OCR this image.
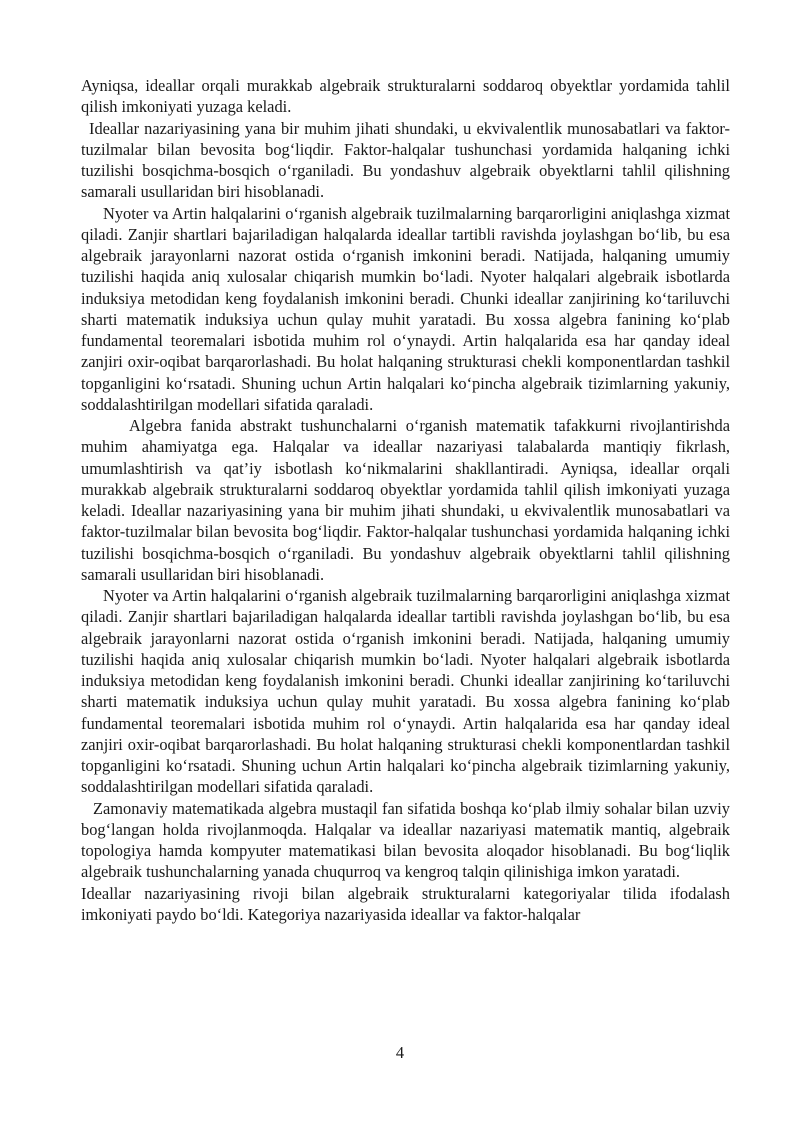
Ayniqsa, ideallar orqali murakkab algebraik strukturalarni soddaroq obyektlar yordamida tahlil qilish imkoniyati yuzaga keladi.

Ideallar nazariyasining yana bir muhim jihati shundaki, u ekvivalentlik munosabatlari va faktor-tuzilmalar bilan bevosita bog‘liqdir. Faktor-halqalar tushunchasi yordamida halqaning ichki tuzilishi bosqichma-bosqich o‘rganiladi. Bu yondashuv algebraik obyektlarni tahlil qilishning samarali usullaridan biri hisoblanadi.

Nyoter va Artin halqalarini o‘rganish algebraik tuzilmalarning barqarorligini aniqlashga xizmat qiladi. Zanjir shartlari bajariladigan halqalarda ideallar tartibli ravishda joylashgan bo‘lib, bu esa algebraik jarayonlarni nazorat ostida o‘rganish imkonini beradi. Natijada, halqaning umumiy tuzilishi haqida aniq xulosalar chiqarish mumkin bo‘ladi. Nyoter halqalari algebraik isbotlarda induksiya metodidan keng foydalanish imkonini beradi. Chunki ideallar zanjirining ko‘tariluvchi sharti matematik induksiya uchun qulay muhit yaratadi. Bu xossa algebra fanining ko‘plab fundamental teoremalari isbotida muhim rol o‘ynaydi. Artin halqalarida esa har qanday ideal zanjiri oxir-oqibat barqarorlashadi. Bu holat halqaning strukturasi chekli komponentlardan tashkil topganligini ko‘rsatadi. Shuning uchun Artin halqalari ko‘pincha algebraik tizimlarning yakuniy, soddalashtirilgan modellari sifatida qaraladi.

Algebra fanida abstrakt tushunchalarni o‘rganish matematik tafakkurni rivojlantirishda muhim ahamiyatga ega. Halqalar va ideallar nazariyasi talabalarda mantiqiy fikrlash, umumlashtirish va qat’iy isbotlash ko‘nikmalarini shakllantiradi. Ayniqsa, ideallar orqali murakkab algebraik strukturalarni soddaroq obyektlar yordamida tahlil qilish imkoniyati yuzaga keladi. Ideallar nazariyasining yana bir muhim jihati shundaki, u ekvivalentlik munosabatlari va faktor-tuzilmalar bilan bevosita bog‘liqdir. Faktor-halqalar tushunchasi yordamida halqaning ichki tuzilishi bosqichma-bosqich o‘rganiladi. Bu yondashuv algebraik obyektlarni tahlil qilishning samarali usullaridan biri hisoblanadi.

Nyoter va Artin halqalarini o‘rganish algebraik tuzilmalarning barqarorligini aniqlashga xizmat qiladi. Zanjir shartlari bajariladigan halqalarda ideallar tartibli ravishda joylashgan bo‘lib, bu esa algebraik jarayonlarni nazorat ostida o‘rganish imkonini beradi. Natijada, halqaning umumiy tuzilishi haqida aniq xulosalar chiqarish mumkin bo‘ladi. Nyoter halqalari algebraik isbotlarda induksiya metodidan keng foydalanish imkonini beradi. Chunki ideallar zanjirining ko‘tariluvchi sharti matematik induksiya uchun qulay muhit yaratadi. Bu xossa algebra fanining ko‘plab fundamental teoremalari isbotida muhim rol o‘ynaydi. Artin halqalarida esa har qanday ideal zanjiri oxir-oqibat barqarorlashadi. Bu holat halqaning strukturasi chekli komponentlardan tashkil topganligini ko‘rsatadi. Shuning uchun Artin halqalari ko‘pincha algebraik tizimlarning yakuniy, soddalashtirilgan modellari sifatida qaraladi.

Zamonaviy matematikada algebra mustaqil fan sifatida boshqa ko‘plab ilmiy sohalar bilan uzviy bog‘langan holda rivojlanmoqda. Halqalar va ideallar nazariyasi matematik mantiq, algebraik topologiya hamda kompyuter matematikasi bilan bevosita aloqador hisoblanadi. Bu bog‘liqlik algebraik tushunchalarning yanada chuqurroq va kengroq talqin qilinishiga imkon yaratadi.

Ideallar nazariyasining rivoji bilan algebraik strukturalarni kategoriyalar tilida ifodalash imkoniyati paydo bo‘ldi. Kategoriya nazariyasida ideallar va faktor-halqalar

4
